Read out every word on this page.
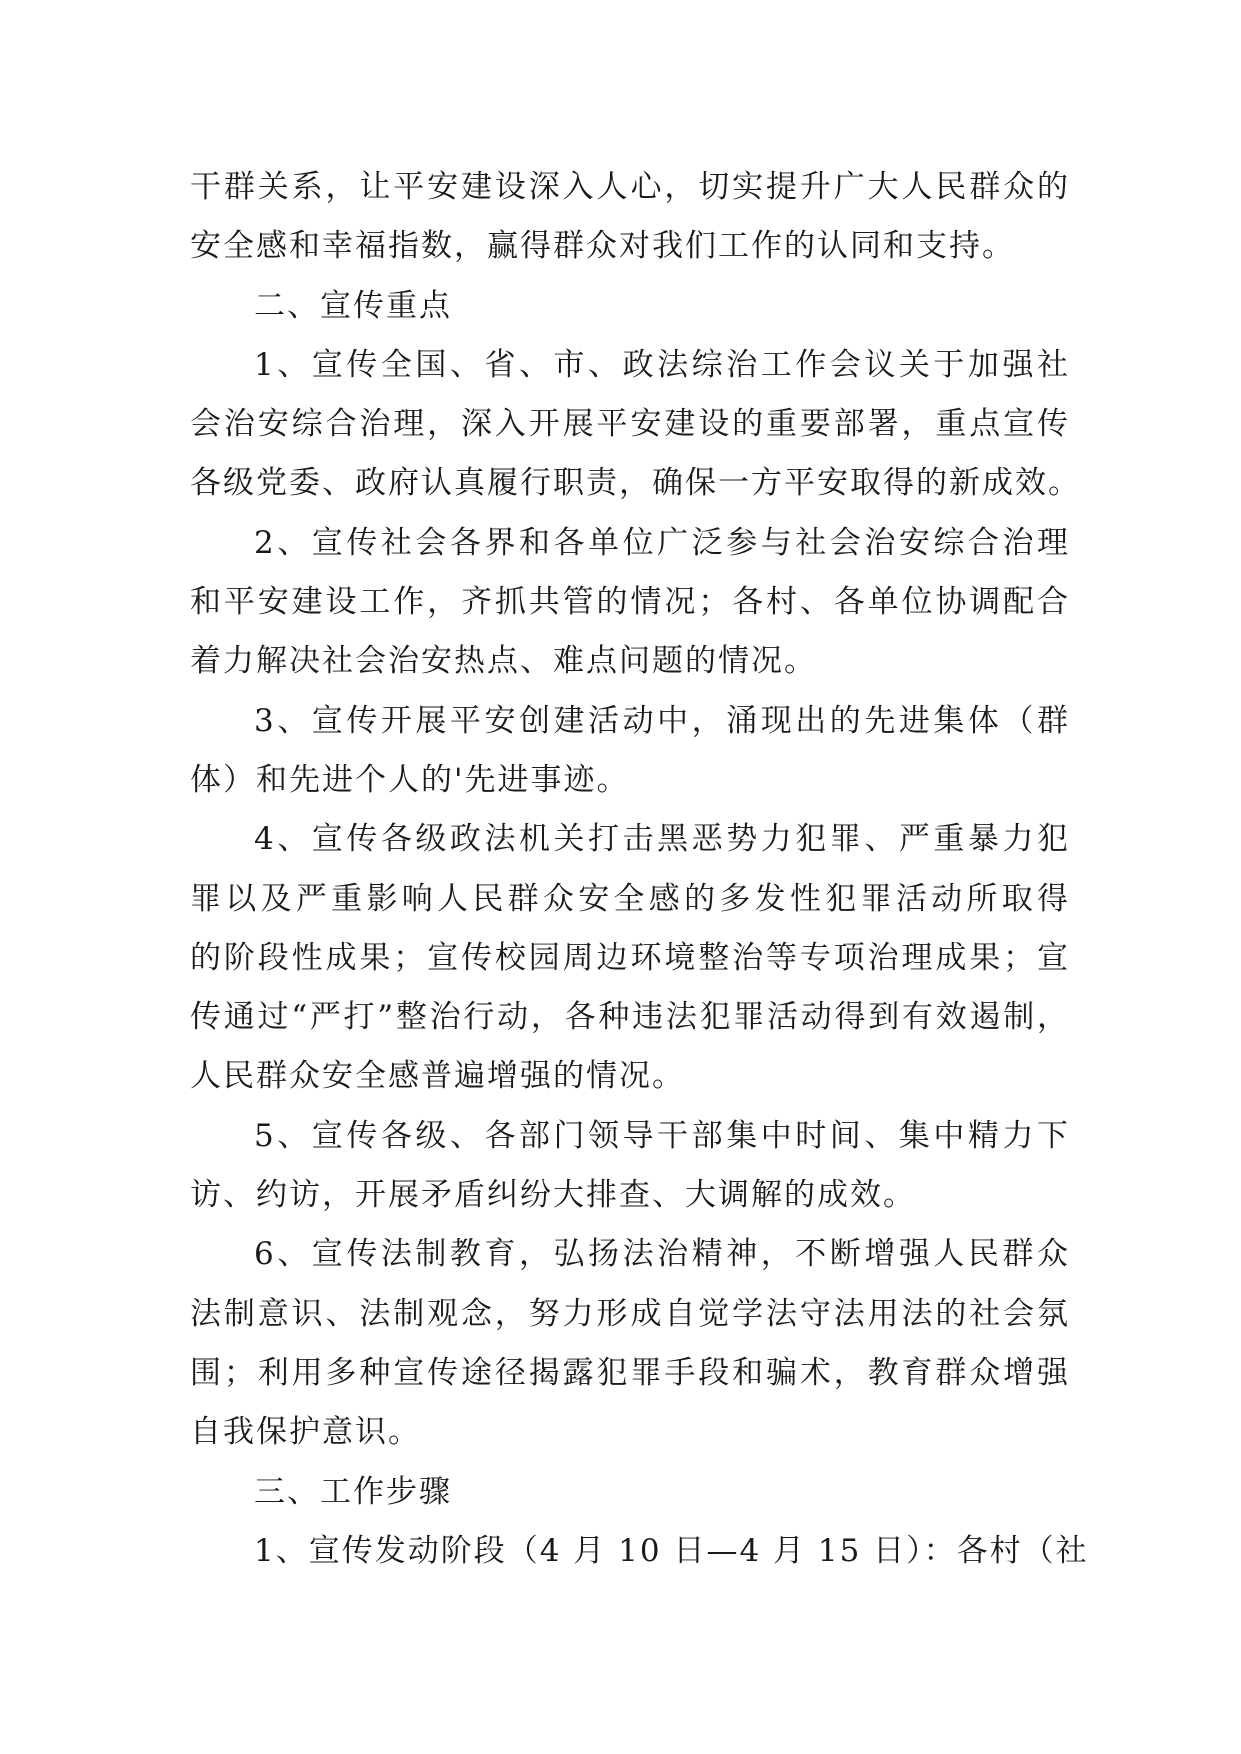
干群关系，让平安建设深入人心，切实提升广大人民群众的
安全感和幸福指数，赢得群众对我们工作的认同和支持。
二、宣传重点
1、宣传全国、省、市、政法综治工作会议关于加强社
会治安综合治理，深入开展平安建设的重要部署，重点宣传
各级党委、政府认真履行职责，确保一方平安取得的新成效。
2、宣传社会各界和各单位广泛参与社会治安综合治理
和平安建设工作，齐抓共管的情况；各村、各单位协调配合
着力解决社会治安热点、难点问题的情况。
3、宣传开展平安创建活动中，涌现出的先进集体（群
体）和先进个人的'先进事迹。
4、宣传各级政法机关打击黑恶势力犯罪、严重暴力犯
罪以及严重影响人民群众安全感的多发性犯罪活动所取得
的阶段性成果；宣传校园周边环境整治等专项治理成果；宣
传通过“严打”整治行动，各种违法犯罪活动得到有效遏制，
人民群众安全感普遍增强的情况。
5、宣传各级、各部门领导干部集中时间、集中精力下
访、约访，开展矛盾纠纷大排查、大调解的成效。
6、宣传法制教育，弘扬法治精神，不断增强人民群众
法制意识、法制观念，努力形成自觉学法守法用法的社会氛
围；利用多种宣传途径揭露犯罪手段和骗术，教育群众增强
自我保护意识。
三、工作步骤
1、宣传发动阶段（4 月 10 日—4 月 15 日）：各村（社
